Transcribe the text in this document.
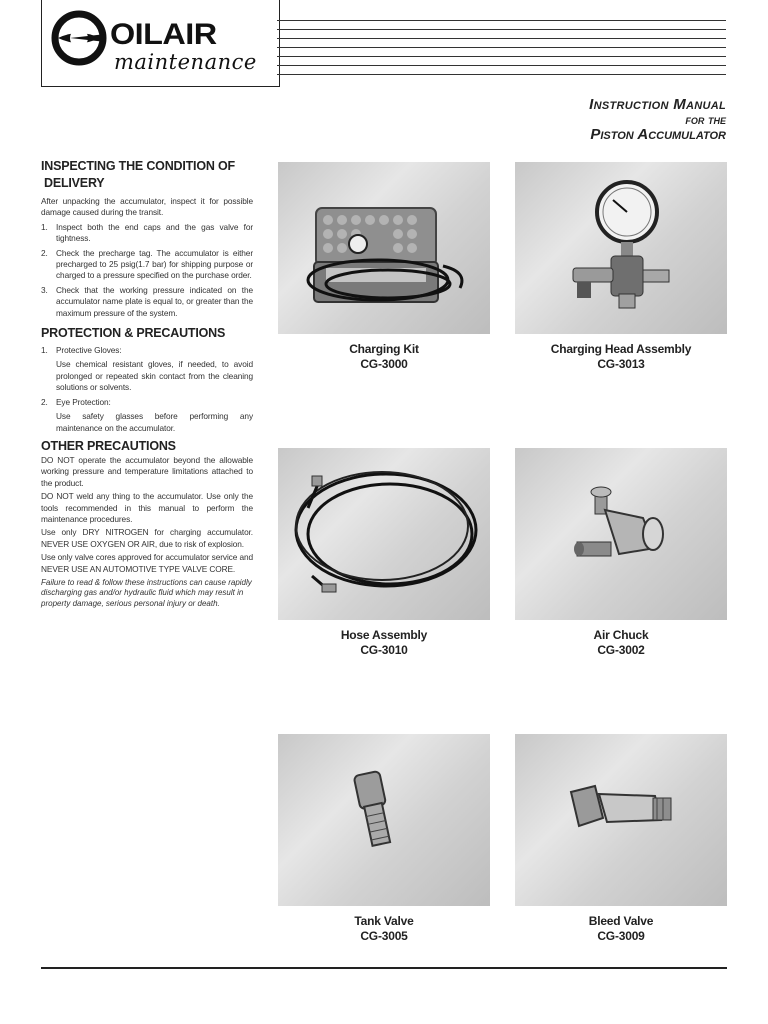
OILAIR
maintenance
Instruction Manual
for the
Piston Accumulator
INSPECTING THE CONDITION OF
DELIVERY
After unpacking the accumulator, inspect it for possible damage caused during the transit.
1. Inspect both the end caps and the gas valve for tightness.
2. Check the precharge tag. The accumulator is either precharged to 25 psig(1.7 bar) for shipping purpose or charged to a pressure specified on the purchase order.
3. Check that the working pressure indicated on the accumulator name plate is equal to, or greater than the maximum pressure of the system.
PROTECTION & PRECAUTIONS
1. Protective Gloves:
Use chemical resistant gloves, if needed, to avoid prolonged or repeated skin contact from the cleaning solutions or solvents.
2. Eye Protection:
Use safety glasses before performing any maintenance on the accumulator.
OTHER PRECAUTIONS
DO NOT operate the accumulator beyond the allowable working pressure and temperature limitations attached to the product.
DO NOT weld any thing to the accumulator. Use only the tools recommended in this manual to perform the maintenance procedures.
Use only DRY NITROGEN for charging accumulator. NEVER USE OXYGEN OR AIR, due to risk of explosion.
Use only valve cores approved for accumulator service and NEVER USE AN AUTOMOTIVE TYPE VALVE CORE.
Failure to read & follow these instructions can cause rapidly discharging gas and/or hydraulic fluid which may result in property damage, serious personal injury or death.
Charging Kit
CG-3000
Charging Head Assembly
CG-3013
Hose Assembly
CG-3010
Air Chuck
CG-3002
Tank Valve
CG-3005
Bleed Valve
CG-3009
